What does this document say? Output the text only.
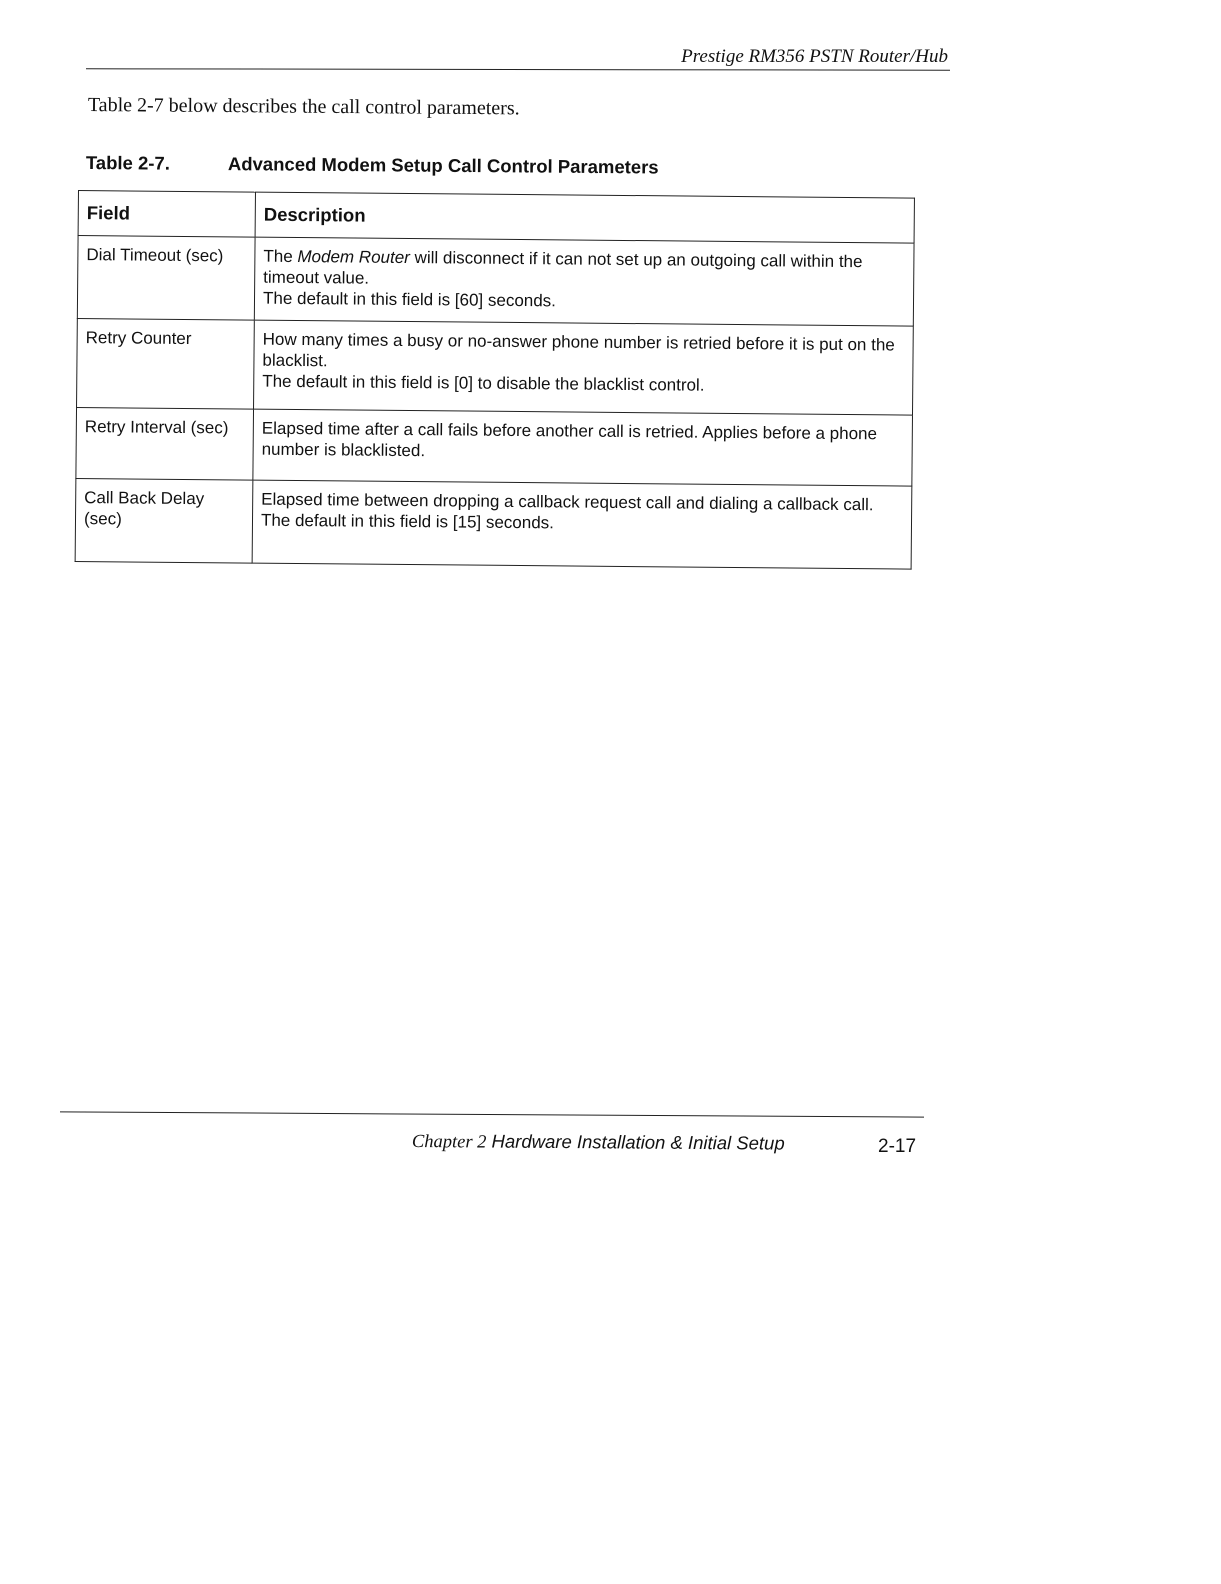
Prestige RM356 PSTN Router/Hub
Table 2-7 below describes the call control parameters.
Table 2-7.	Advanced Modem Setup Call Control Parameters
Field	Description
Dial Timeout (sec)	The Modem Router will disconnect if it can not set up an outgoing call within the timeout value.
The default in this field is [60] seconds.

Retry Counter	How many times a busy or no-answer phone number is retried before it is put on the blacklist.
The default in this field is [0] to disable the blacklist control.

Retry Interval (sec)	Elapsed time after a call fails before another call is retried. Applies before a phone number is blacklisted.

Call Back Delay (sec)	Elapsed time between dropping a callback request call and dialing a callback call.
The default in this field is [15] seconds.
Chapter 2 Hardware Installation & Initial Setup	2-17
